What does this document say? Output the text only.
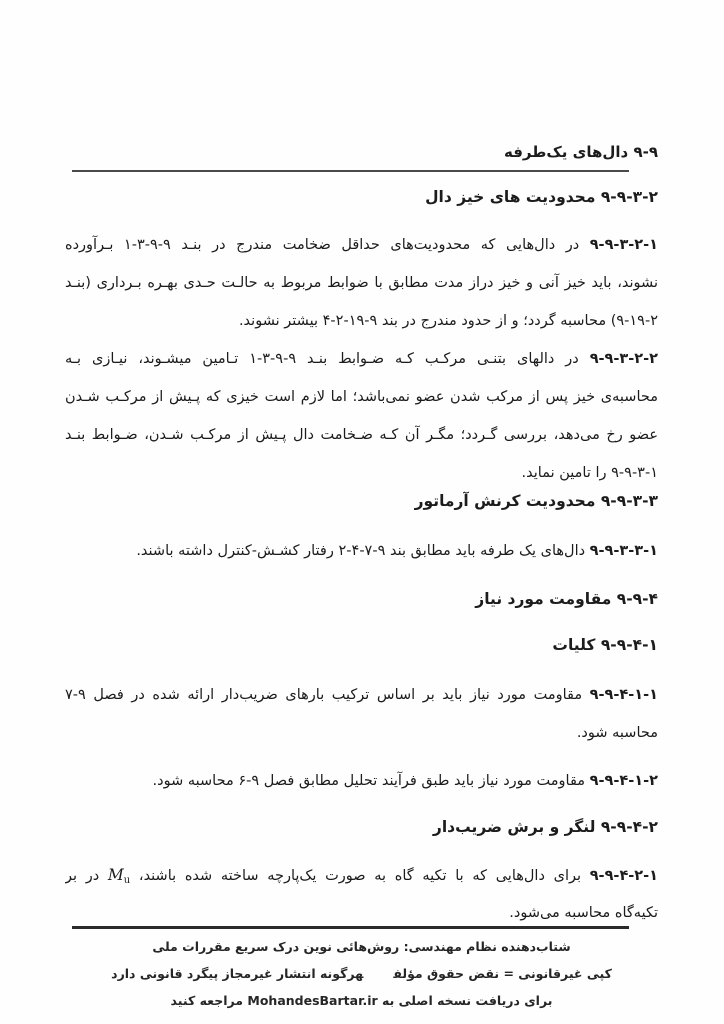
۹-۹ دال‌های یک‌طرفه
۹-۹-۳-۲ محدودیت های خیز دال
۹-۹-۳-۲-۱ در دال‌هایی که محدودیت‌های حداقل ضخامت مندرج در بنـد ۹-۹-۳-۱ بـرآورده
نشوند، باید خیز آنی و خیز دراز مدت مطابق با ضوابط مربوط به حالـت حـدی بهـره بـرداری (بنـد
۹-۱۹-۲) محاسبه گردد؛ و از حدود مندرج در بند ۹-۱۹-۲-۴ بیشتر نشوند.
۹-۹-۳-۲-۲ در دالهای بتنـی مرکـب کـه ضـوابط بنـد ۹-۹-۳-۱ تـامین میشـوند، نیـازی بـه
محاسبه‌ی خیز پس از مرکب شدن عضو نمی‌باشد؛ اما لازم است خیزی که پـیش از مرکـب شـدن
عضو رخ می‌دهد، بررسی گـردد؛ مگـر آن کـه ضـخامت دال پـیش از مرکـب شـدن، ضـوابط بنـد
۹-۹-۳-۱ را تامین نماید.
۹-۹-۳-۳ محدودیت کرنش آرماتور
۹-۹-۳-۳-۱ دال‌های یک طرفه باید مطابق بند ۹-۷-۴-۲ رفتار کشـش-کنترل داشته باشند.
۹-۹-۴ مقاومت مورد نیاز
۹-۹-۴-۱ کلیات
۹-۹-۴-۱-۱ مقاومت مورد نیاز باید بر اساس ترکیب بارهای ضریب‌دار ارائه شده در فصل ۹-۷
محاسبه شود.
۹-۹-۴-۱-۲ مقاومت مورد نیاز باید طبق فرآیند تحلیل مطابق فصل ۹-۶ محاسبه شود.
۹-۹-۴-۲ لنگر و برش ضریب‌دار
۹-۹-۴-۲-۱ برای دال‌هایی که با تکیه گاه به صورت یک‌پارچه ساخته شده باشند، $M_u$ در بر
تکیه‌گاه محاسبه می‌شود.
شتاب‌دهنده نظام مهندسی: روش‌هائی نوین درک سریع مقررات ملی
کپی غیرقانونی = نقض حقوق مؤلفهرگونه انتشار غیرمجاز پیگرد قانونی دارد
برای دریافت نسخه اصلی به MohandesBartar.ir مراجعه کنید
